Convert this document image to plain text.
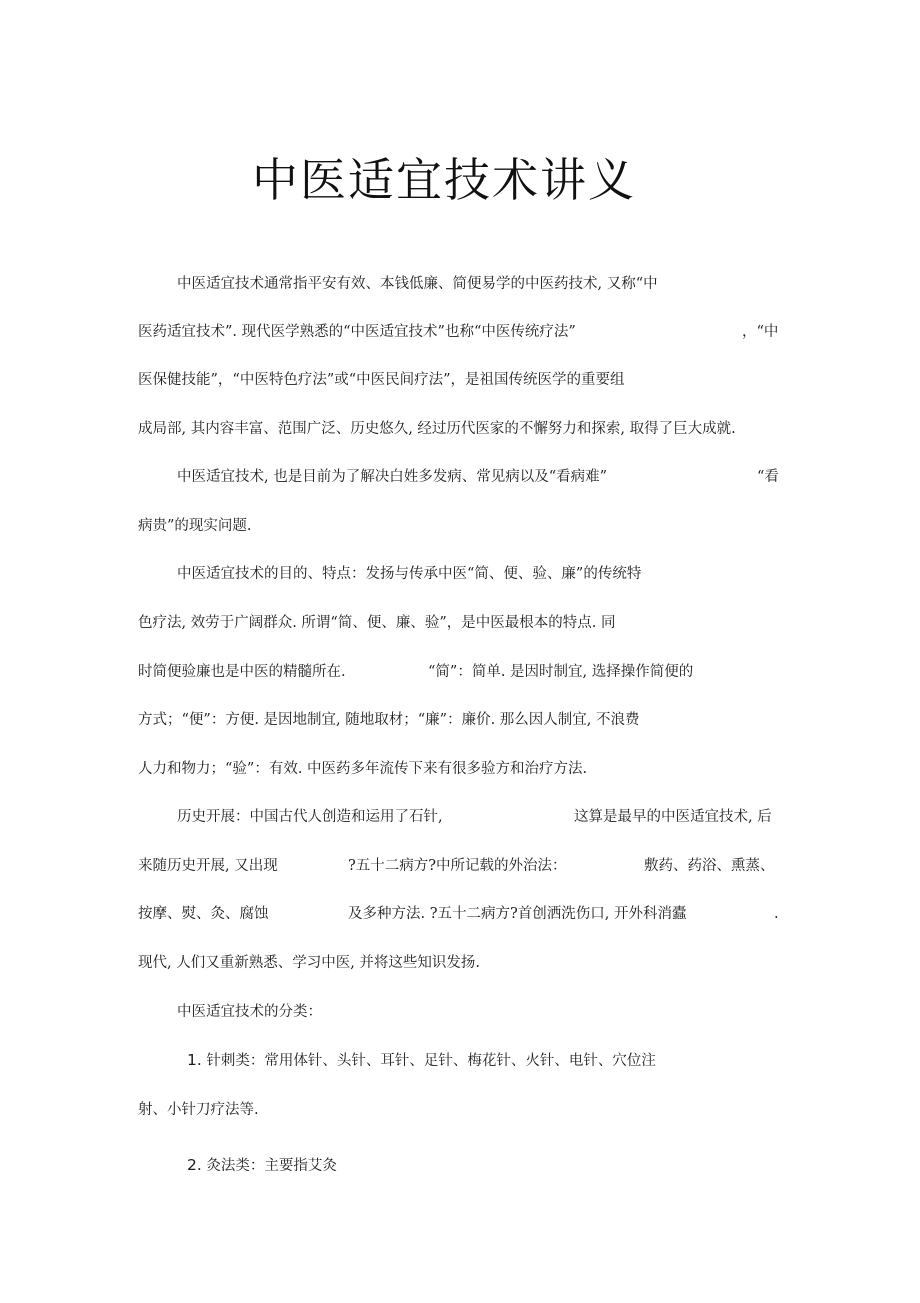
中医适宜技术讲义
中医适宜技术通常指平安有效、本钱低廉、简便易学的中医药技术, 又称“中
医药适宜技术”. 现代医学熟悉的“中医适宜技术”也称“中医传统疗法”	，“中
医保健技能”，“中医特色疗法”或“中医民间疗法”，是祖国传统医学的重要组
成局部, 其内容丰富、范围广泛、历史悠久, 经过历代医家的不懈努力和探索, 取得了巨大成就.
中医适宜技术, 也是目前为了解决白姓多发病、常见病以及“看病难”	“看
病贵”的现实问题.
中医适宜技术的目的、特点：发扬与传承中医“简、便、验、廉”的传统特
色疗法, 效劳于广阔群众. 所谓“简、便、廉、验”，是中医最根本的特点. 同
时简便验廉也是中医的精髓所在.	“简”：简单. 是因时制宜, 选择操作简便的
方式；“便”：方便. 是因地制宜, 随地取材；“廉”：廉价. 那么因人制宜, 不浪费
人力和物力；“验”：有效. 中医药多年流传下来有很多验方和治疗方法.
历史开展：中国古代人创造和运用了石针,	这算是最早的中医适宜技术, 后
来随历史开展, 又出现	?五十二病方?中所记载的外治法：	敷药、药浴、熏蒸、
按摩、熨、灸、腐蚀	及多种方法. ?五十二病方?首创洒洗伤口, 开外科消蠹	.
现代, 人们又重新熟悉、学习中医, 并将这些知识发扬.
中医适宜技术的分类：
1. 针刺类：常用体针、头针、耳针、足针、梅花针、火针、电针、穴位注
射、小针刀疗法等.
2. 灸法类：主要指艾灸
